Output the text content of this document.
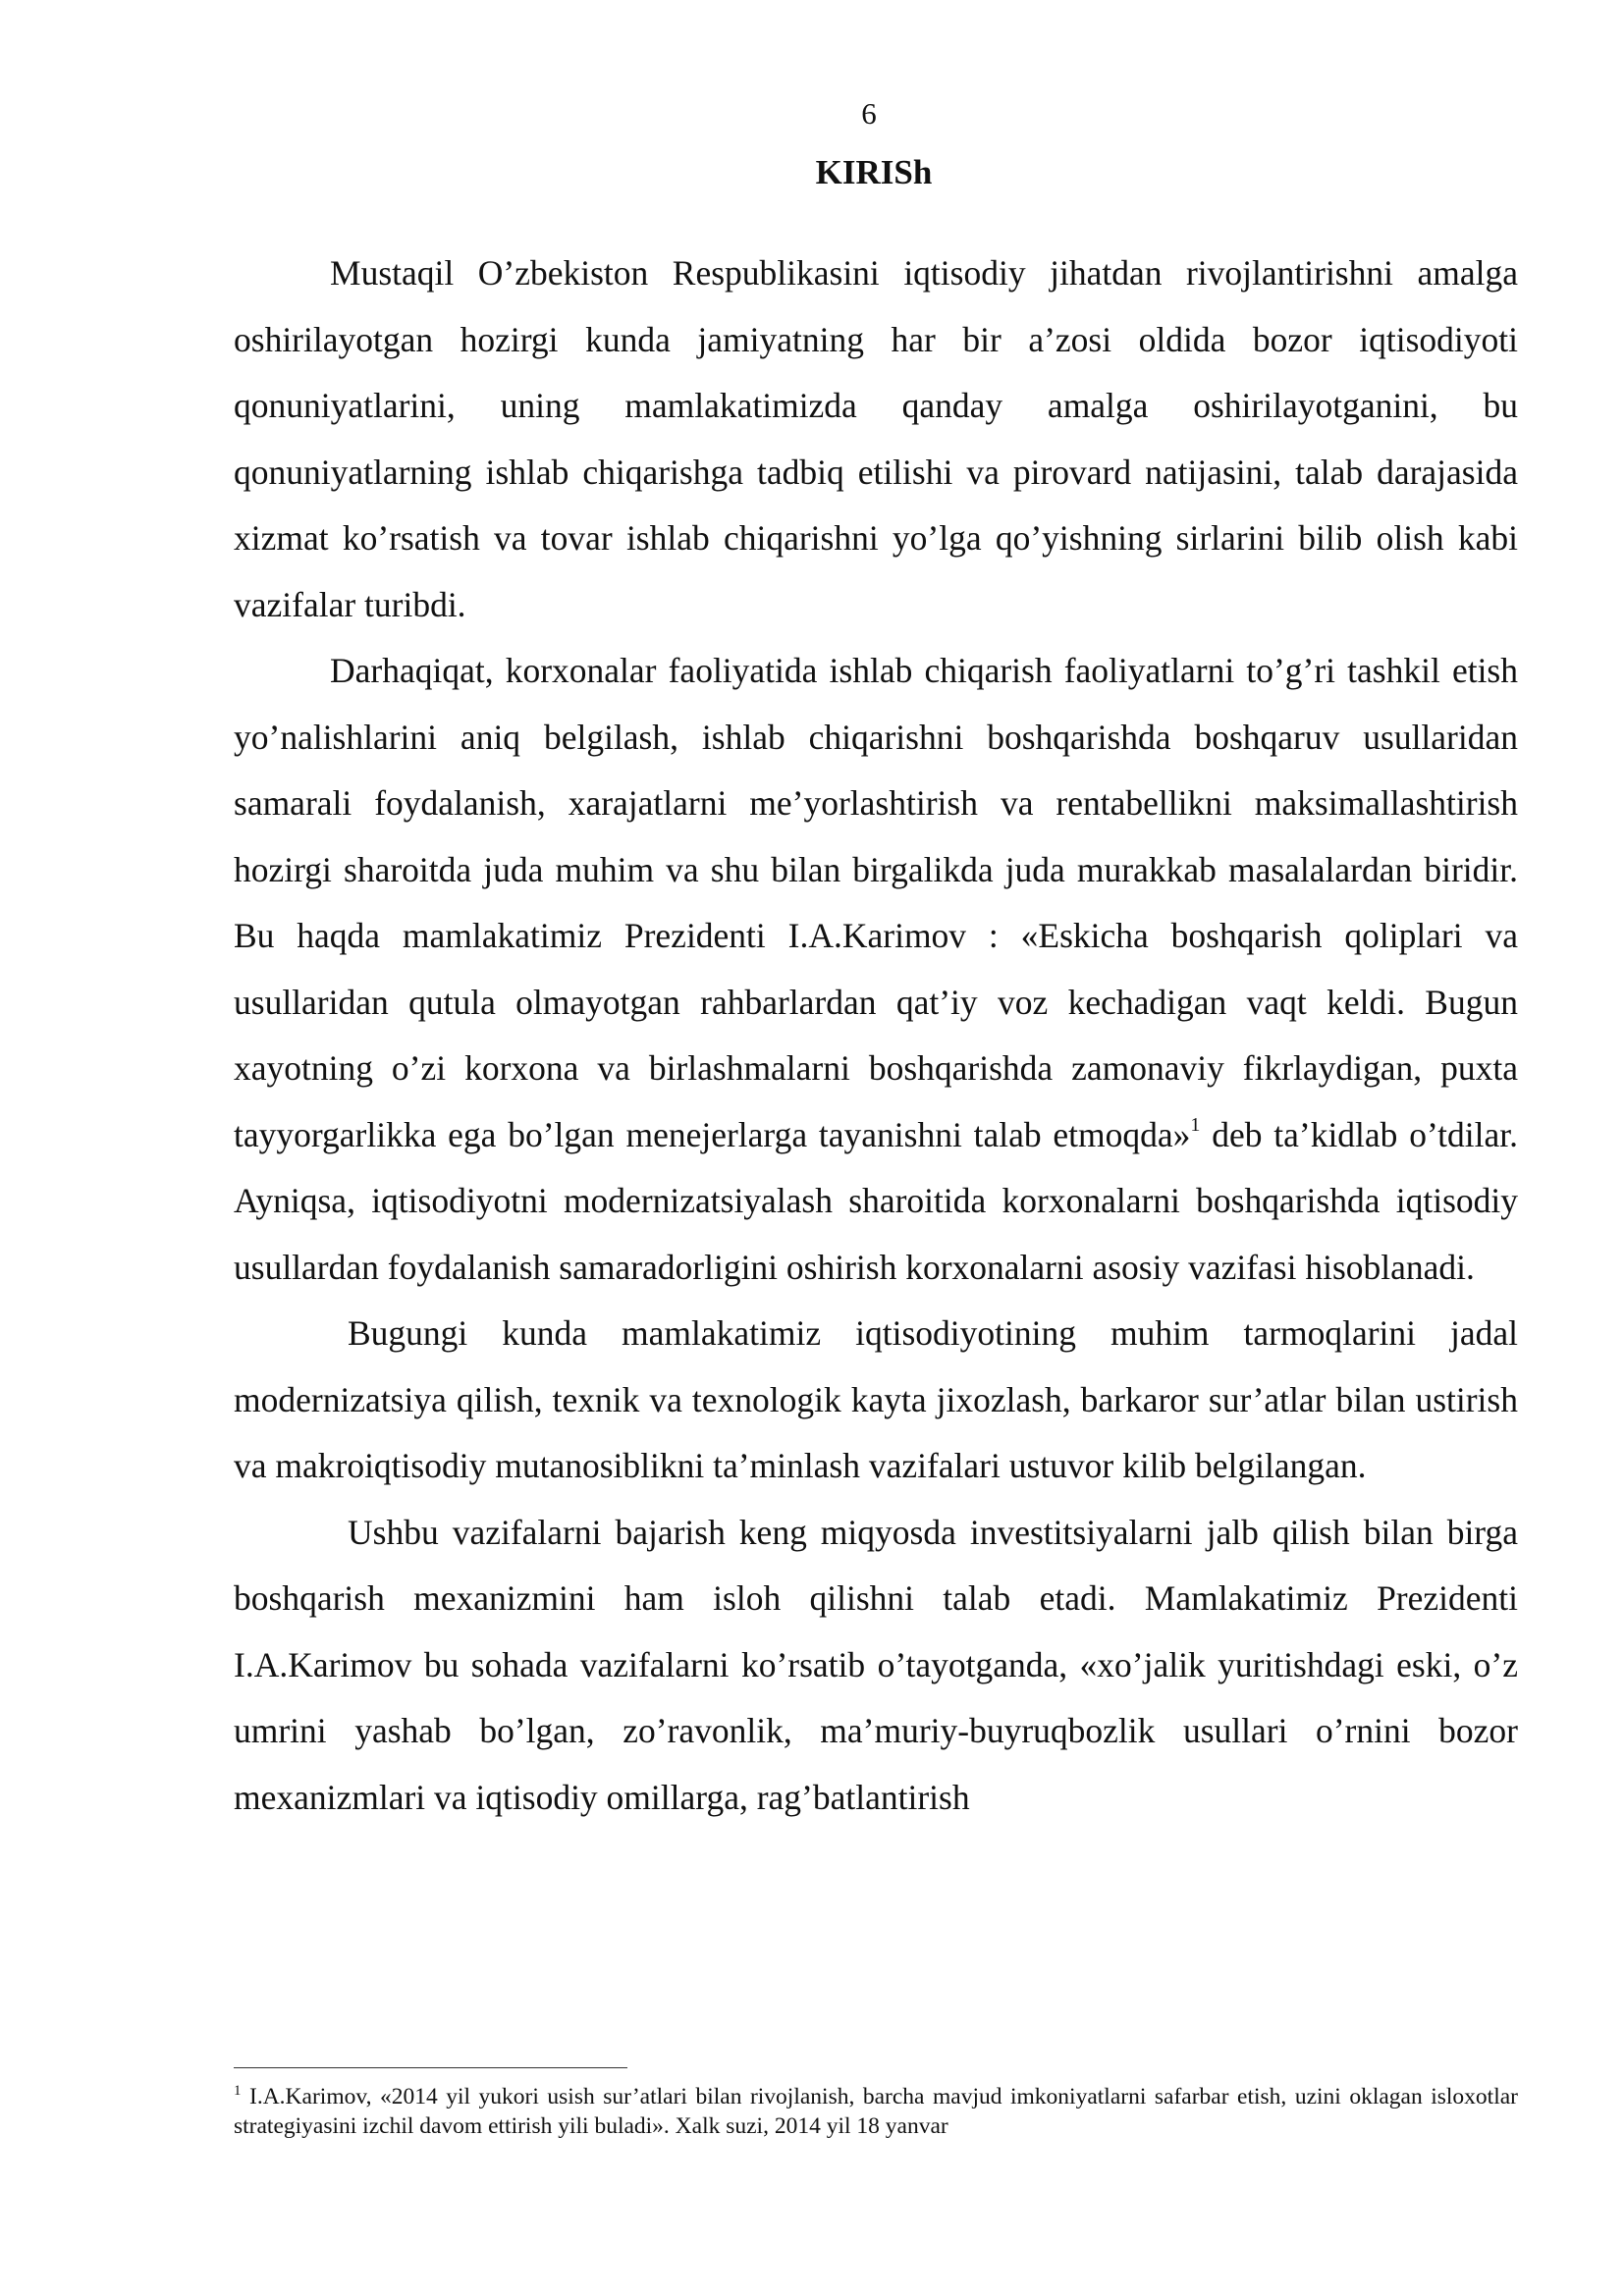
6
KIRISh

Mustaqil O’zbekiston Respublikasini iqtisodiy jihatdan rivojlantirishni amalga oshirilayotgan hozirgi kunda jamiyatning har bir a’zosi oldida bozor iqtisodiyoti qonuniyatlarini, uning mamlakatimizda qanday amalga oshirilayotganini, bu qonuniyatlarning ishlab chiqarishga tadbiq etilishi va pirovard natijasini, talab darajasida xizmat ko’rsatish va tovar ishlab chiqarishni yo’lga qo’yishning sirlarini bilib olish kabi vazifalar turibdi.

Darhaqiqat, korxonalar faoliyatida ishlab chiqarish faoliyatlarni to’g’ri tashkil etish yo’nalishlarini aniq belgilash, ishlab chiqarishni boshqarishda boshqaruv usullaridan samarali foydalanish, xarajatlarni me’yorlashtirish va rentabellikni maksimallashtirish hozirgi sharoitda juda muhim va shu bilan birgalikda juda murakkab masalalardan biridir. Bu haqda mamlakatimiz Prezidenti I.A.Karimov : «Eskicha boshqarish qoliplari va usullaridan qutula olmayotgan rahbarlardan qat’iy voz kechadigan vaqt keldi. Bugun xayotning o’zi korxona va birlashmalarni boshqarishda zamonaviy fikrlaydigan, puxta tayyorgarlikka ega bo’lgan menejerlarga tayanishni talab etmoqda»$^1$ deb ta’kidlab o’tdilar. Ayniqsa, iqtisodiyotni modernizatsiyalash sharoitida korxonalarni boshqarishda iqtisodiy usullardan foydalanish samaradorligini oshirish korxonalarni asosiy vazifasi hisoblanadi.

Bugungi kunda mamlakatimiz iqtisodiyotining muhim tarmoqlarini jadal modernizatsiya qilish, texnik va texnologik kayta jixozlash, barkaror sur’atlar bilan ustirish va makroiqtisodiy mutanosiblikni ta’minlash vazifalari ustuvor kilib belgilangan.

Ushbu vazifalarni bajarish keng miqyosda investitsiyalarni jalb qilish bilan birga boshqarish mexanizmini ham isloh qilishni talab etadi. Mamlakatimiz Prezidenti I.A.Karimov bu sohada vazifalarni ko’rsatib o’tayotganda, «xo’jalik yuritishdagi eski, o’z umrini yashab bo’lgan, zo’ravonlik, ma’muriy-buyruqbozlik usullari o’rnini bozor mexanizmlari va iqtisodiy omillarga, rag’batlantirish

$^1$ I.A.Karimov, «2014 yil yukori usish sur’atlari bilan rivojlanish, barcha mavjud imkoniyatlarni safarbar etish, uzini oklagan isloxotlar strategiyasini izchil davom ettirish yili buladi». Xalk suzi, 2014 yil 18 yanvar
